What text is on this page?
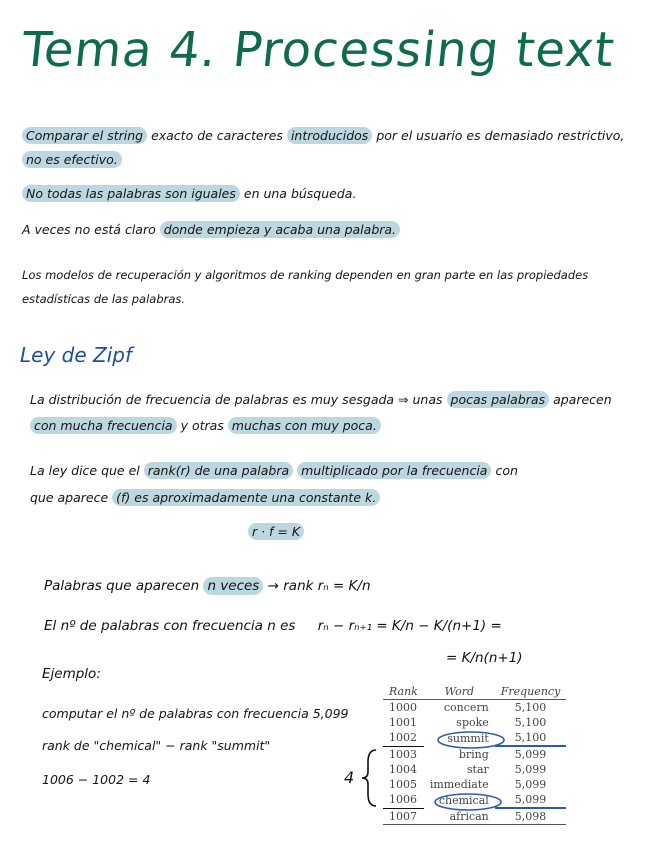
Tema 4. Processing text
Comparar el string exacto de caracteres introducidos por el usuario es demasiado restrictivo,
no es efectivo.
No todas las palabras son iguales en una búsqueda.
A veces no está claro donde empieza y acaba una palabra.
Los modelos de recuperación y algoritmos de ranking dependen en gran parte en las propiedades
estadísticas de las palabras.
Ley de Zipf
La distribución de frecuencia de palabras es muy sesgada ⇒ unas pocas palabras aparecen
con mucha frecuencia y otras muchas con muy poca.
La ley dice que el rank(r) de una palabra multiplicado por la frecuencia con
que aparece (f) es aproximadamente una constante k.
r · f = K
Palabras que aparecen n veces → rank rₙ = K/n
El nº de palabras con frecuencia n es rₙ − rₙ₊₁ = K/n − K/(n+1) =
= K/n(n+1)
Ejemplo:
computar el nº de palabras con frecuencia 5,099
rank de "chemical" − rank "summit"
1006 − 1002 = 4	4
Rank	Word	Frequency
1000	concern	5,100
1001	spoke	5,100
1002	summit	5,100
1003	bring	5,099
1004	star	5,099
1005	immediate	5,099
1006	chemical	5,099
1007	african	5,098
